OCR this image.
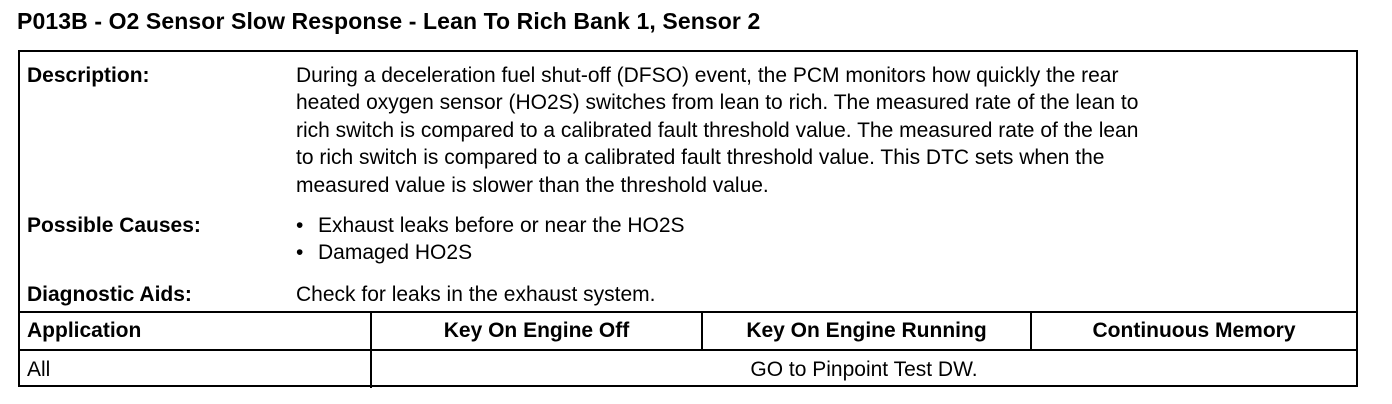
P013B - O2 Sensor Slow Response - Lean To Rich Bank 1, Sensor 2
Description:	During a deceleration fuel shut-off (DFSO) event, the PCM monitors how quickly the rear
heated oxygen sensor (HO2S) switches from lean to rich. The measured rate of the lean to
rich switch is compared to a calibrated fault threshold value. The measured rate of the lean
to rich switch is compared to a calibrated fault threshold value. This DTC sets when the
measured value is slower than the threshold value.
Possible Causes:	• Exhaust leaks before or near the HO2S
• Damaged HO2S
Diagnostic Aids:	Check for leaks in the exhaust system.
Application	Key On Engine Off	Key On Engine Running	Continuous Memory
All	GO to Pinpoint Test DW.		
